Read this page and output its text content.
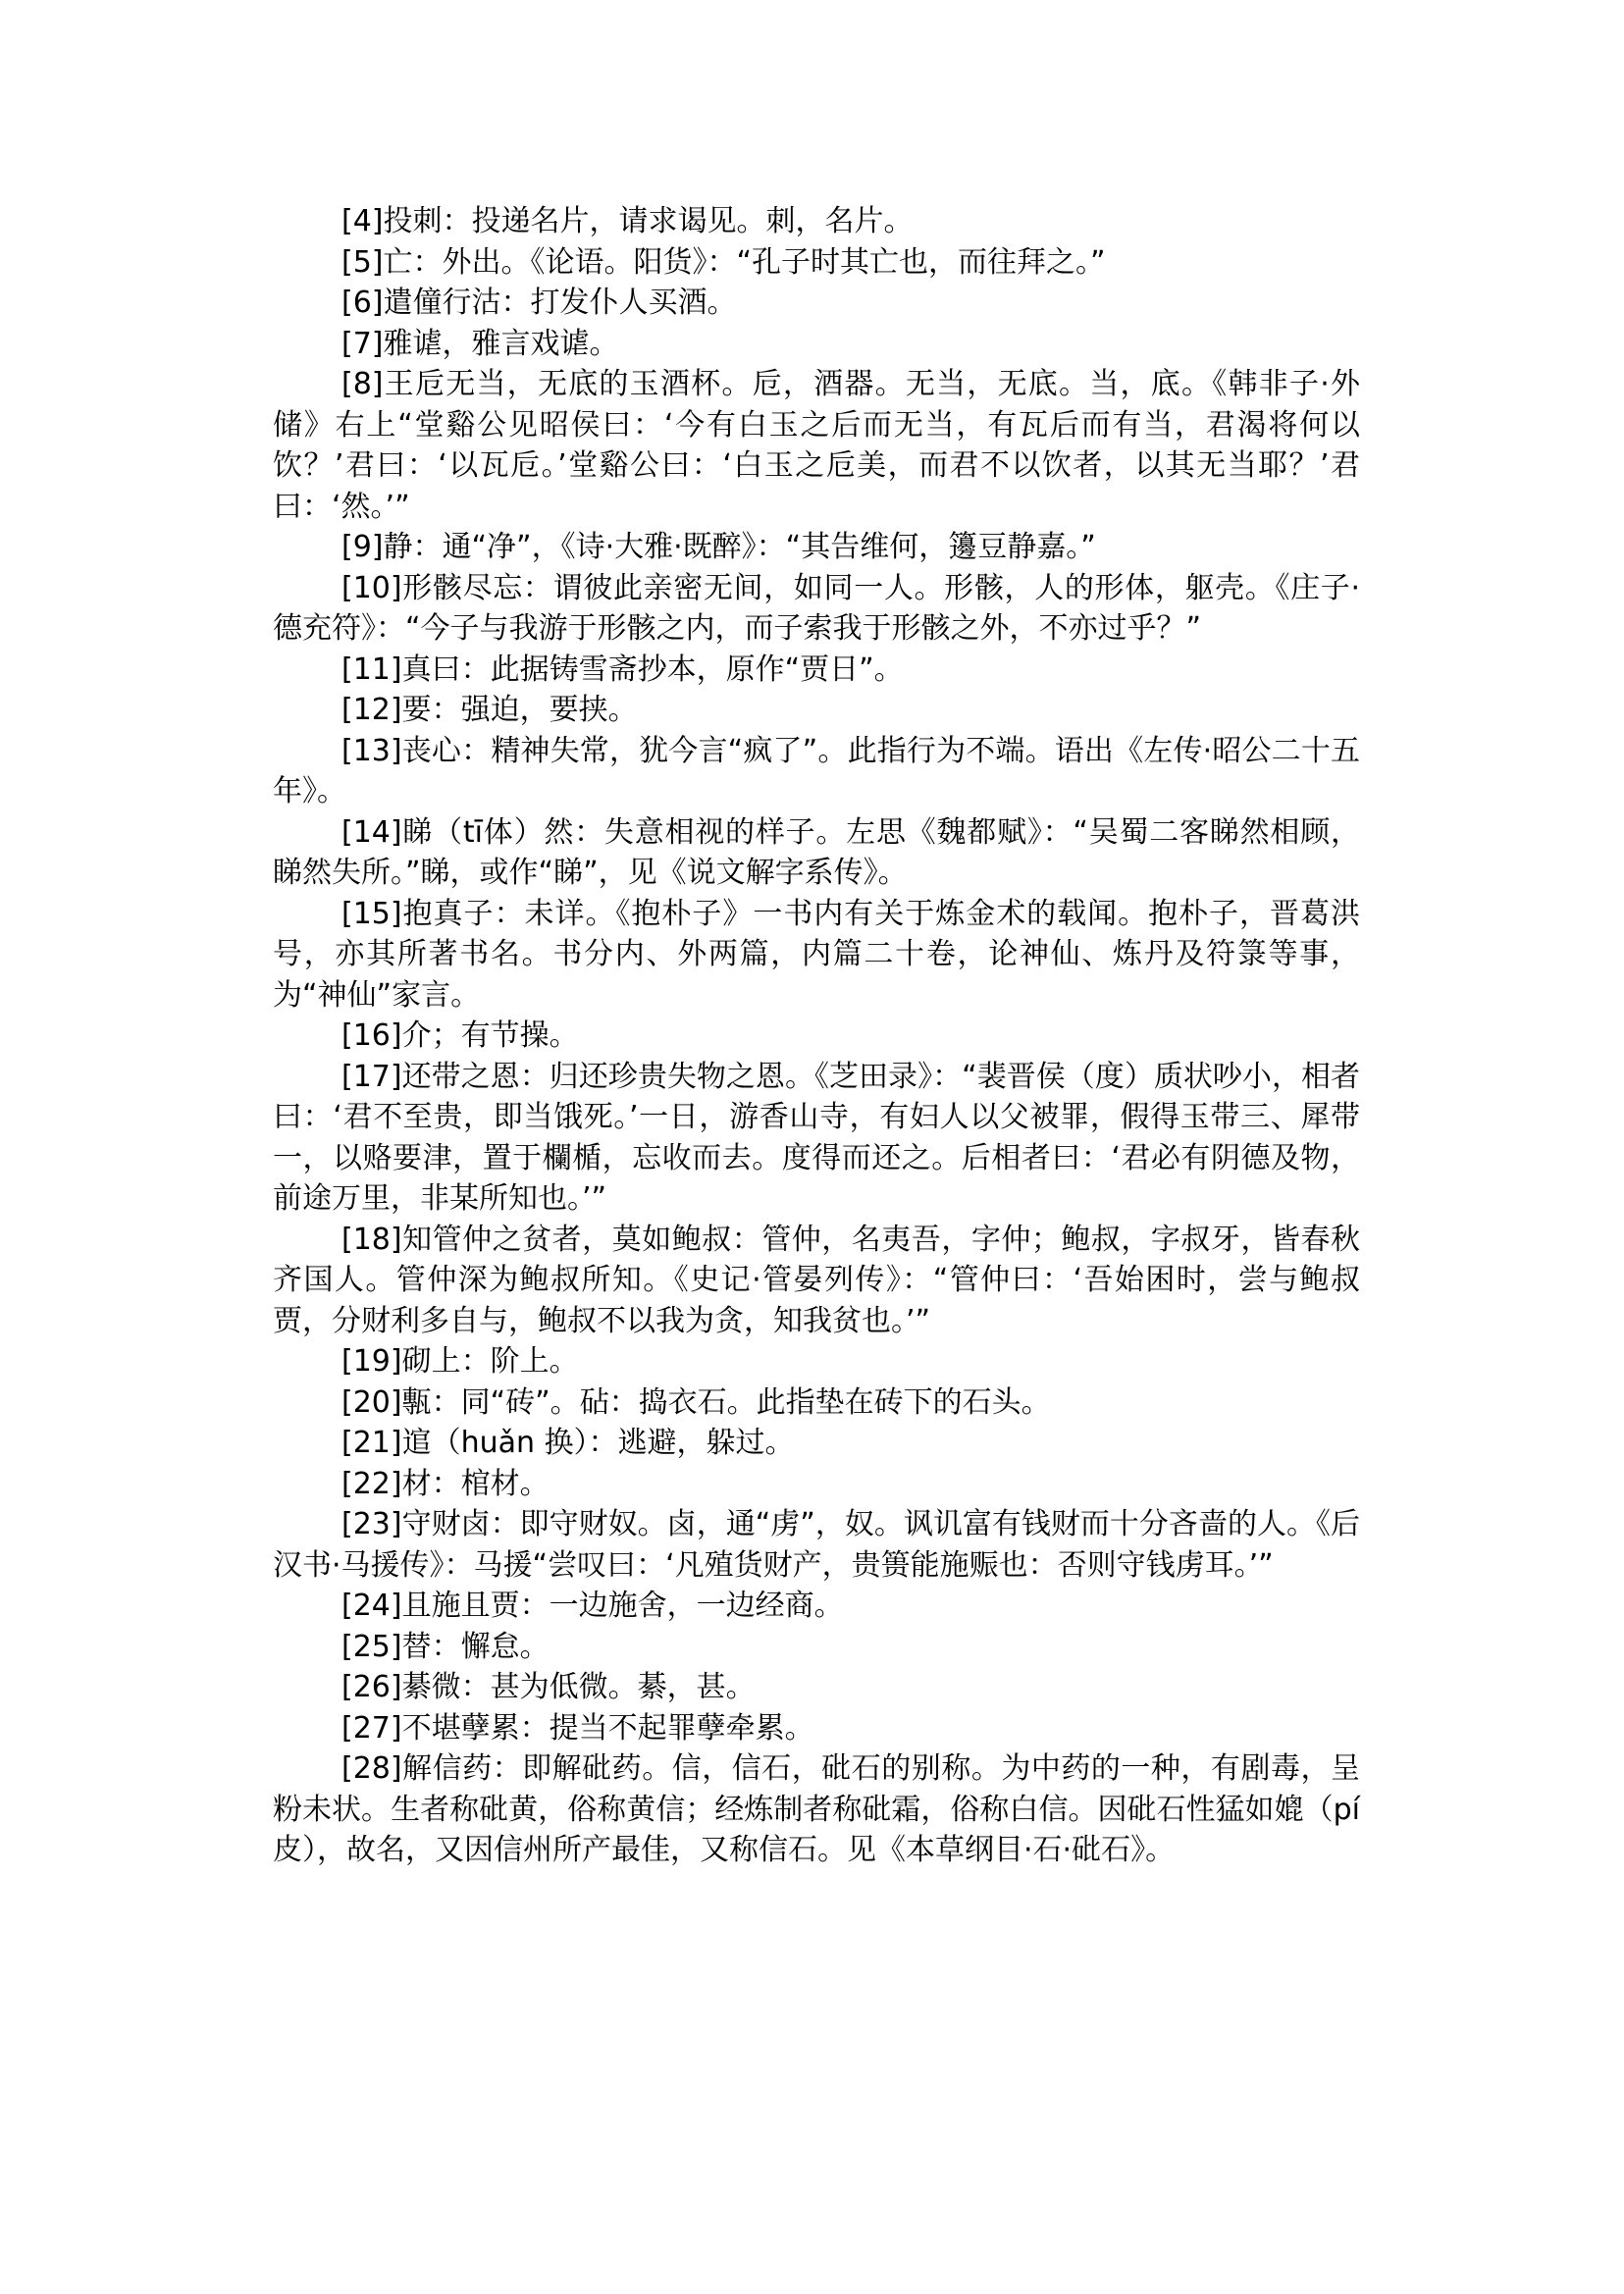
[4]投刺：投递名片，请求谒见。刺，名片。

[5]亡：外出。《论语。阳货》：“孔子时其亡也，而往拜之。”

[6]遣僮行沽：打发仆人买酒。

[7]雅谑，雅言戏谑。

[8]王卮无当，无底的玉酒杯。卮，酒器。无当，无底。当，底。《韩非子·外储》右上“堂谿公见昭侯曰：‘今有白玉之后而无当，有瓦后而有当，君渴将何以饮？’君曰：‘以瓦卮。’堂谿公曰：‘白玉之卮美，而君不以饮者，以其无当耶？’君曰：‘然。’”

[9]静：通“净”，《诗·大雅·既醉》：“其告维何，籩豆静嘉。”

[10]形骸尽忘：谓彼此亲密无间，如同一人。形骸，人的形体，躯壳。《庄子·德充符》：“今子与我游于形骸之内，而子索我于形骸之外，不亦过乎？”

[11]真曰：此据铸雪斋抄本，原作“贾日”。

[12]要：强迫，要挟。

[13]丧心：精神失常，犹今言“疯了”。此指行为不端。语出《左传·昭公二十五年》。

[14]睇（tī体）然：失意相视的样子。左思《魏都赋》：“吴蜀二客睇然相顾，睇然失所。”睇，或作“睇”，见《说文解字系传》。

[15]抱真子：未详。《抱朴子》一书内有关于炼金术的载闻。抱朴子，晋葛洪号，亦其所著书名。书分内、外两篇，内篇二十卷，论神仙、炼丹及符箓等事，为“神仙”家言。

[16]介；有节操。

[17]还带之恩：归还珍贵失物之恩。《芝田录》：“裴晋侯（度）质状吵小，相者曰：‘君不至贵，即当饿死。’一日，游香山寺，有妇人以父被罪，假得玉带三、犀带一，以赂要津，置于欄楯，忘收而去。度得而还之。后相者曰：‘君必有阴德及物，前途万里，非某所知也。’”

[18]知管仲之贫者，莫如鲍叔：管仲，名夷吾，字仲；鲍叔，字叔牙，皆春秋齐国人。管仲深为鲍叔所知。《史记·管晏列传》：“管仲曰：‘吾始困时，尝与鲍叔贾，分财利多自与，鲍叔不以我为贪，知我贫也。’”

[19]砌上：阶上。

[20]甎：同“砖”。砧：捣衣石。此指垫在砖下的石头。

[21]逭（huǎn 换）：逃避，躲过。

[22]材：棺材。

[23]守财卤：即守财奴。卤，通“虏”，奴。讽讥富有钱财而十分吝啬的人。《后汉书·马援传》：马援“尝叹曰：‘凡殖货财产，贵篑能施赈也：否则守钱虏耳。’”

[24]且施且贾：一边施舍，一边经商。

[25]替：懈怠。

[26]綦微：甚为低微。綦，甚。

[27]不堪孽累：提当不起罪孽牵累。

[28]解信药：即解砒药。信，信石，砒石的别称。为中药的一种，有剧毒，呈粉未状。生者称砒黄，俗称黄信；经炼制者称砒霜，俗称白信。因砒石性猛如媲（pí皮），故名，又因信州所产最佳，又称信石。见《本草纲目·石·砒石》。
